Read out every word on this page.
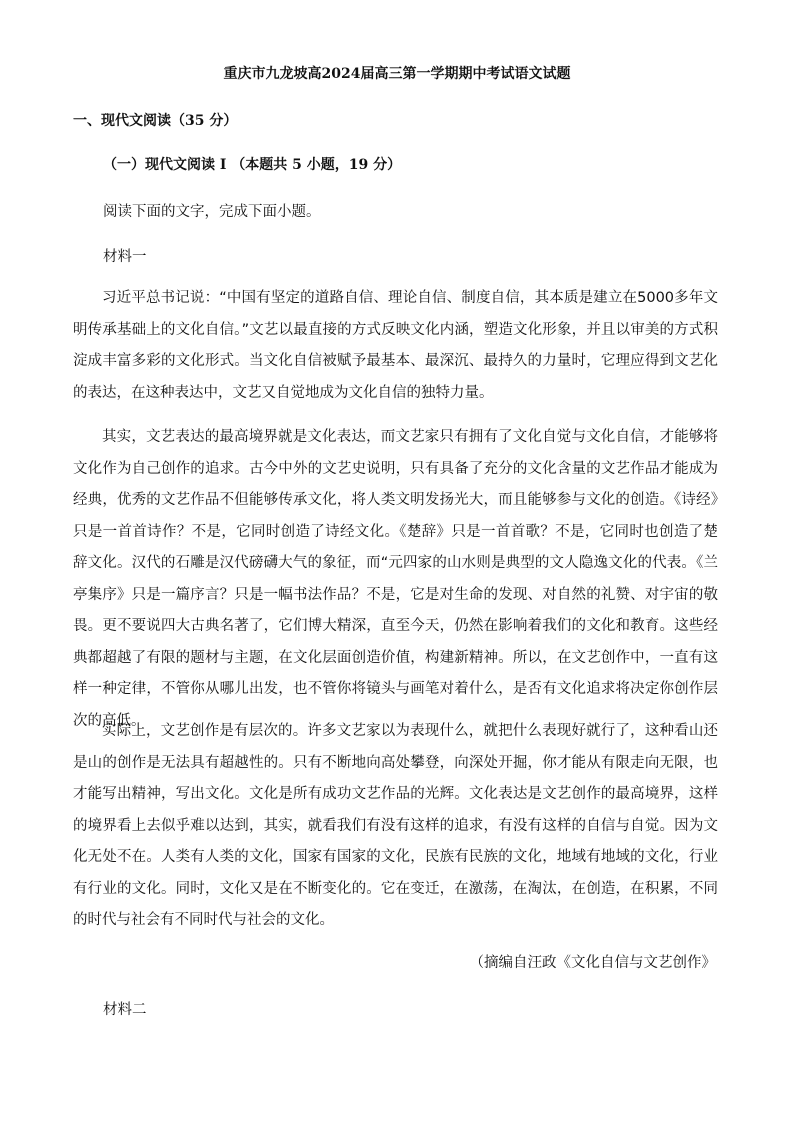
重庆市九龙坡高2024届高三第一学期期中考试语文试题
一、现代文阅读（35 分）
（一）现代文阅读 I （本题共 5 小题，19 分）
阅读下面的文字，完成下面小题。
材料一

习近平总书记说：“中国有坚定的道路自信、理论自信、制度自信，其本质是建立在5000多年文明传承基础上的文化自信。”文艺以最直接的方式反映文化内涵，塑造文化形象，并且以审美的方式积淀成丰富多彩的文化形式。当文化自信被赋予最基本、最深沉、最持久的力量时，它理应得到文艺化的表达，在这种表达中，文艺又自觉地成为文化自信的独特力量。

其实，文艺表达的最高境界就是文化表达，而文艺家只有拥有了文化自觉与文化自信，才能够将文化作为自己创作的追求。古今中外的文艺史说明，只有具备了充分的文化含量的文艺作品才能成为经典，优秀的文艺作品不但能够传承文化，将人类文明发扬光大，而且能够参与文化的创造。《诗经》只是一首首诗作？不是，它同时创造了诗经文化。《楚辞》只是一首首歌？不是，它同时也创造了楚辞文化。汉代的石雕是汉代磅礴大气的象征，而“元四家的山水则是典型的文人隐逸文化的代表。《兰亭集序》只是一篇序言？只是一幅书法作品？不是，它是对生命的发现、对自然的礼赞、对宇宙的敬畏。更不要说四大古典名著了，它们博大精深，直至今天，仍然在影响着我们的文化和教育。这些经典都超越了有限的题材与主题，在文化层面创造价值，构建新精神。所以，在文艺创作中，一直有这样一种定律，不管你从哪儿出发，也不管你将镜头与画笔对着什么，是否有文化追求将决定你创作层次的高低。

实际上，文艺创作是有层次的。许多文艺家以为表现什么，就把什么表现好就行了，这种看山还是山的创作是无法具有超越性的。只有不断地向高处攀登，向深处开掘，你才能从有限走向无限，也才能写出精神，写出文化。文化是所有成功文艺作品的光辉。文化表达是文艺创作的最高境界，这样的境界看上去似乎难以达到，其实，就看我们有没有这样的追求，有没有这样的自信与自觉。因为文化无处不在。人类有人类的文化，国家有国家的文化，民族有民族的文化，地域有地域的文化，行业有行业的文化。同时，文化又是在不断变化的。它在变迁，在激荡，在淘汰，在创造，在积累，不同的时代与社会有不同时代与社会的文化。

（摘编自汪政《文化自信与文艺创作》
材料二
